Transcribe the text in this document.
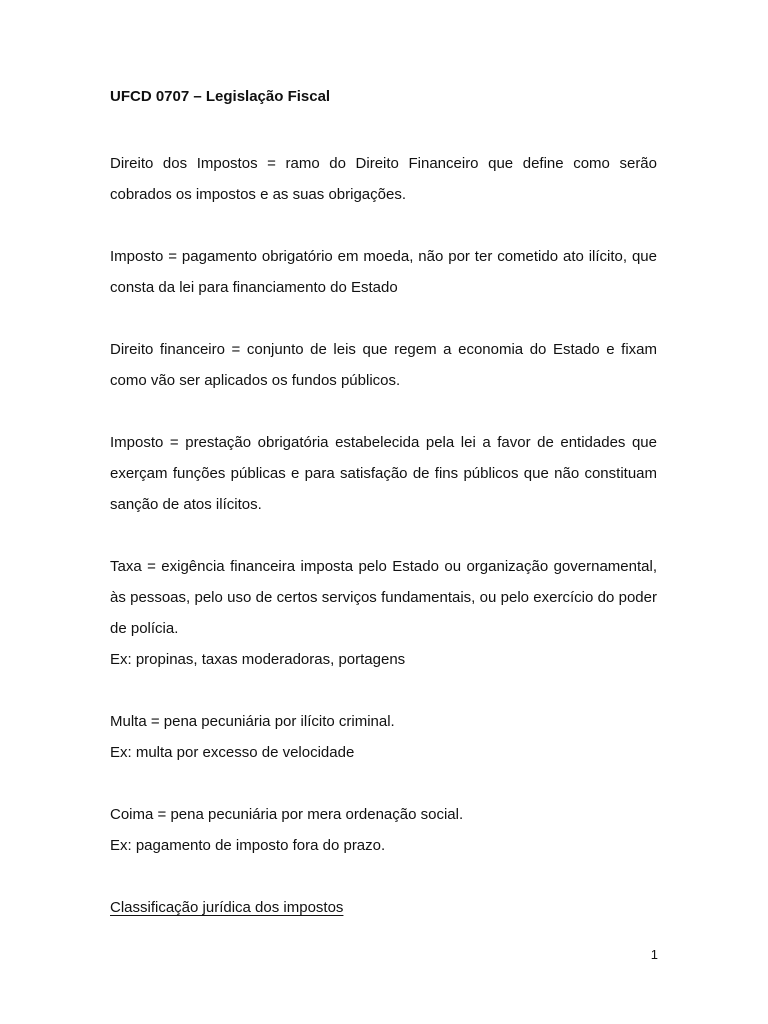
UFCD 0707 – Legislação Fiscal

Direito dos Impostos = ramo do Direito Financeiro que define como serão cobrados os impostos e as suas obrigações.

Imposto = pagamento obrigatório em moeda, não por ter cometido ato ilícito, que consta da lei para financiamento do Estado

Direito financeiro = conjunto de leis que regem a economia do Estado e fixam como vão ser aplicados os fundos públicos.

Imposto = prestação obrigatória estabelecida pela lei a favor de entidades que exerçam funções públicas e para satisfação de fins públicos que não constituam sanção de atos ilícitos.

Taxa = exigência financeira imposta pelo Estado ou organização governamental, às pessoas, pelo uso de certos serviços fundamentais, ou pelo exercício do poder de polícia.

Ex: propinas, taxas moderadoras, portagens

Multa = pena pecuniária por ilícito criminal.

Ex: multa por excesso de velocidade

Coima = pena pecuniária por mera ordenação social.

Ex: pagamento de imposto fora do prazo.

Classificação jurídica dos impostos

1
